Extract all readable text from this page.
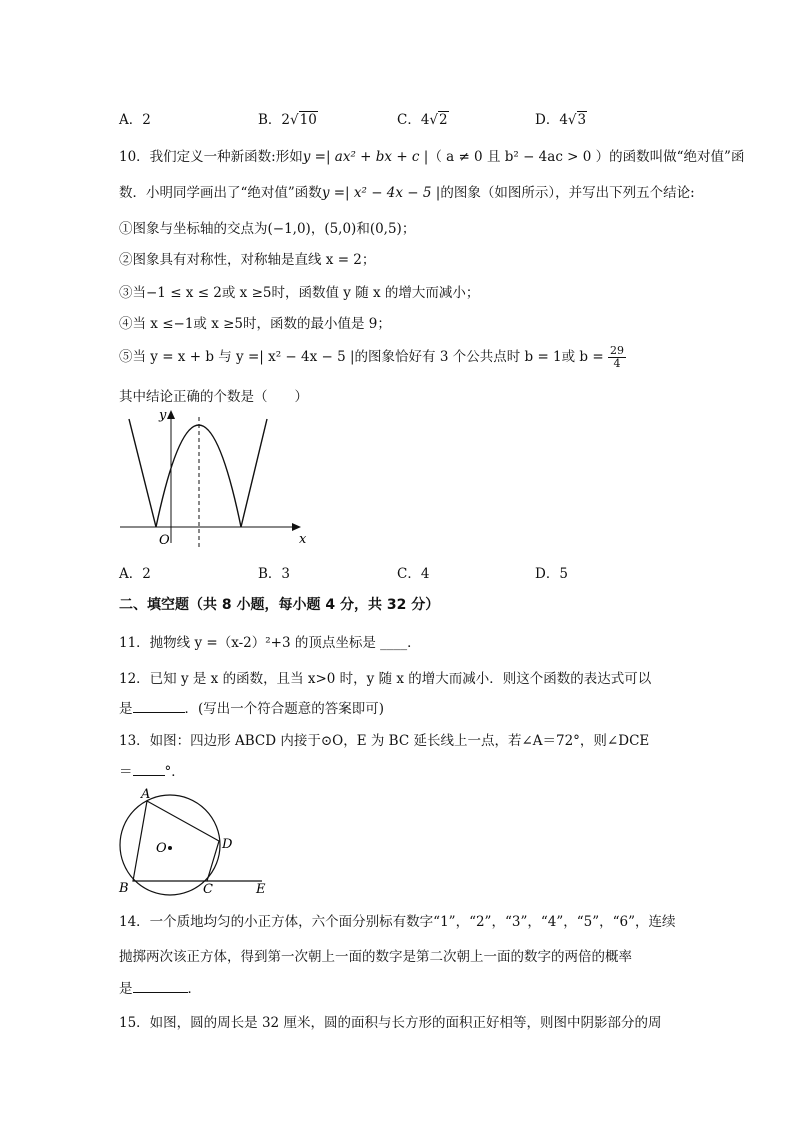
A．2	B．2√10	C．4√2	D．4√3
10．我们定义一种新函数:形如y =| ax² + bx + c |（ a ≠ 0 且 b² − 4ac > 0 ）的函数叫做“绝对值”函
数．小明同学画出了“绝对值”函数y =| x² − 4x − 5 |的图象（如图所示），并写出下列五个结论:
①图象与坐标轴的交点为(−1,0)，(5,0)和(0,5)；
②图象具有对称性，对称轴是直线 x = 2；
③当−1 ≤ x ≤ 2或 x ≥5时，函数值 y 随 x 的增大而减小；
④当 x ≤−1或 x ≥5时，函数的最小值是 9；
⑤当 y = x + b 与 y =| x² − 4x − 5 |的图象恰好有 3 个公共点时 b = 1或 $b = \frac{29}{4}$
其中结论正确的个数是（　　）
y
x
O
A．2	B．3	C．4	D．5
二、填空题（共 8 小题，每小题 4 分，共 32 分）
11．抛物线 y =（x-2）²+3 的顶点坐标是 ____．
12．已知 y 是 x 的函数，且当 x>0 时，y 随 x 的增大而减小．则这个函数的表达式可以
是	．(写出一个符合题意的答案即可)
13．如图：四边形 ABCD 内接于⊙O，E 为 BC 延长线上一点，若∠A＝72°，则∠DCE
＝ °．
A
B	C
D
E
O
14．一个质地均匀的小正方体，六个面分别标有数字“1”，“2”，“3”，“4”，“5”，“6”，连续
抛掷两次该正方体，得到第一次朝上一面的数字是第二次朝上一面的数字的两倍的概率
是	．
15．如图，圆的周长是 32 厘米，圆的面积与长方形的面积正好相等，则图中阴影部分的周
